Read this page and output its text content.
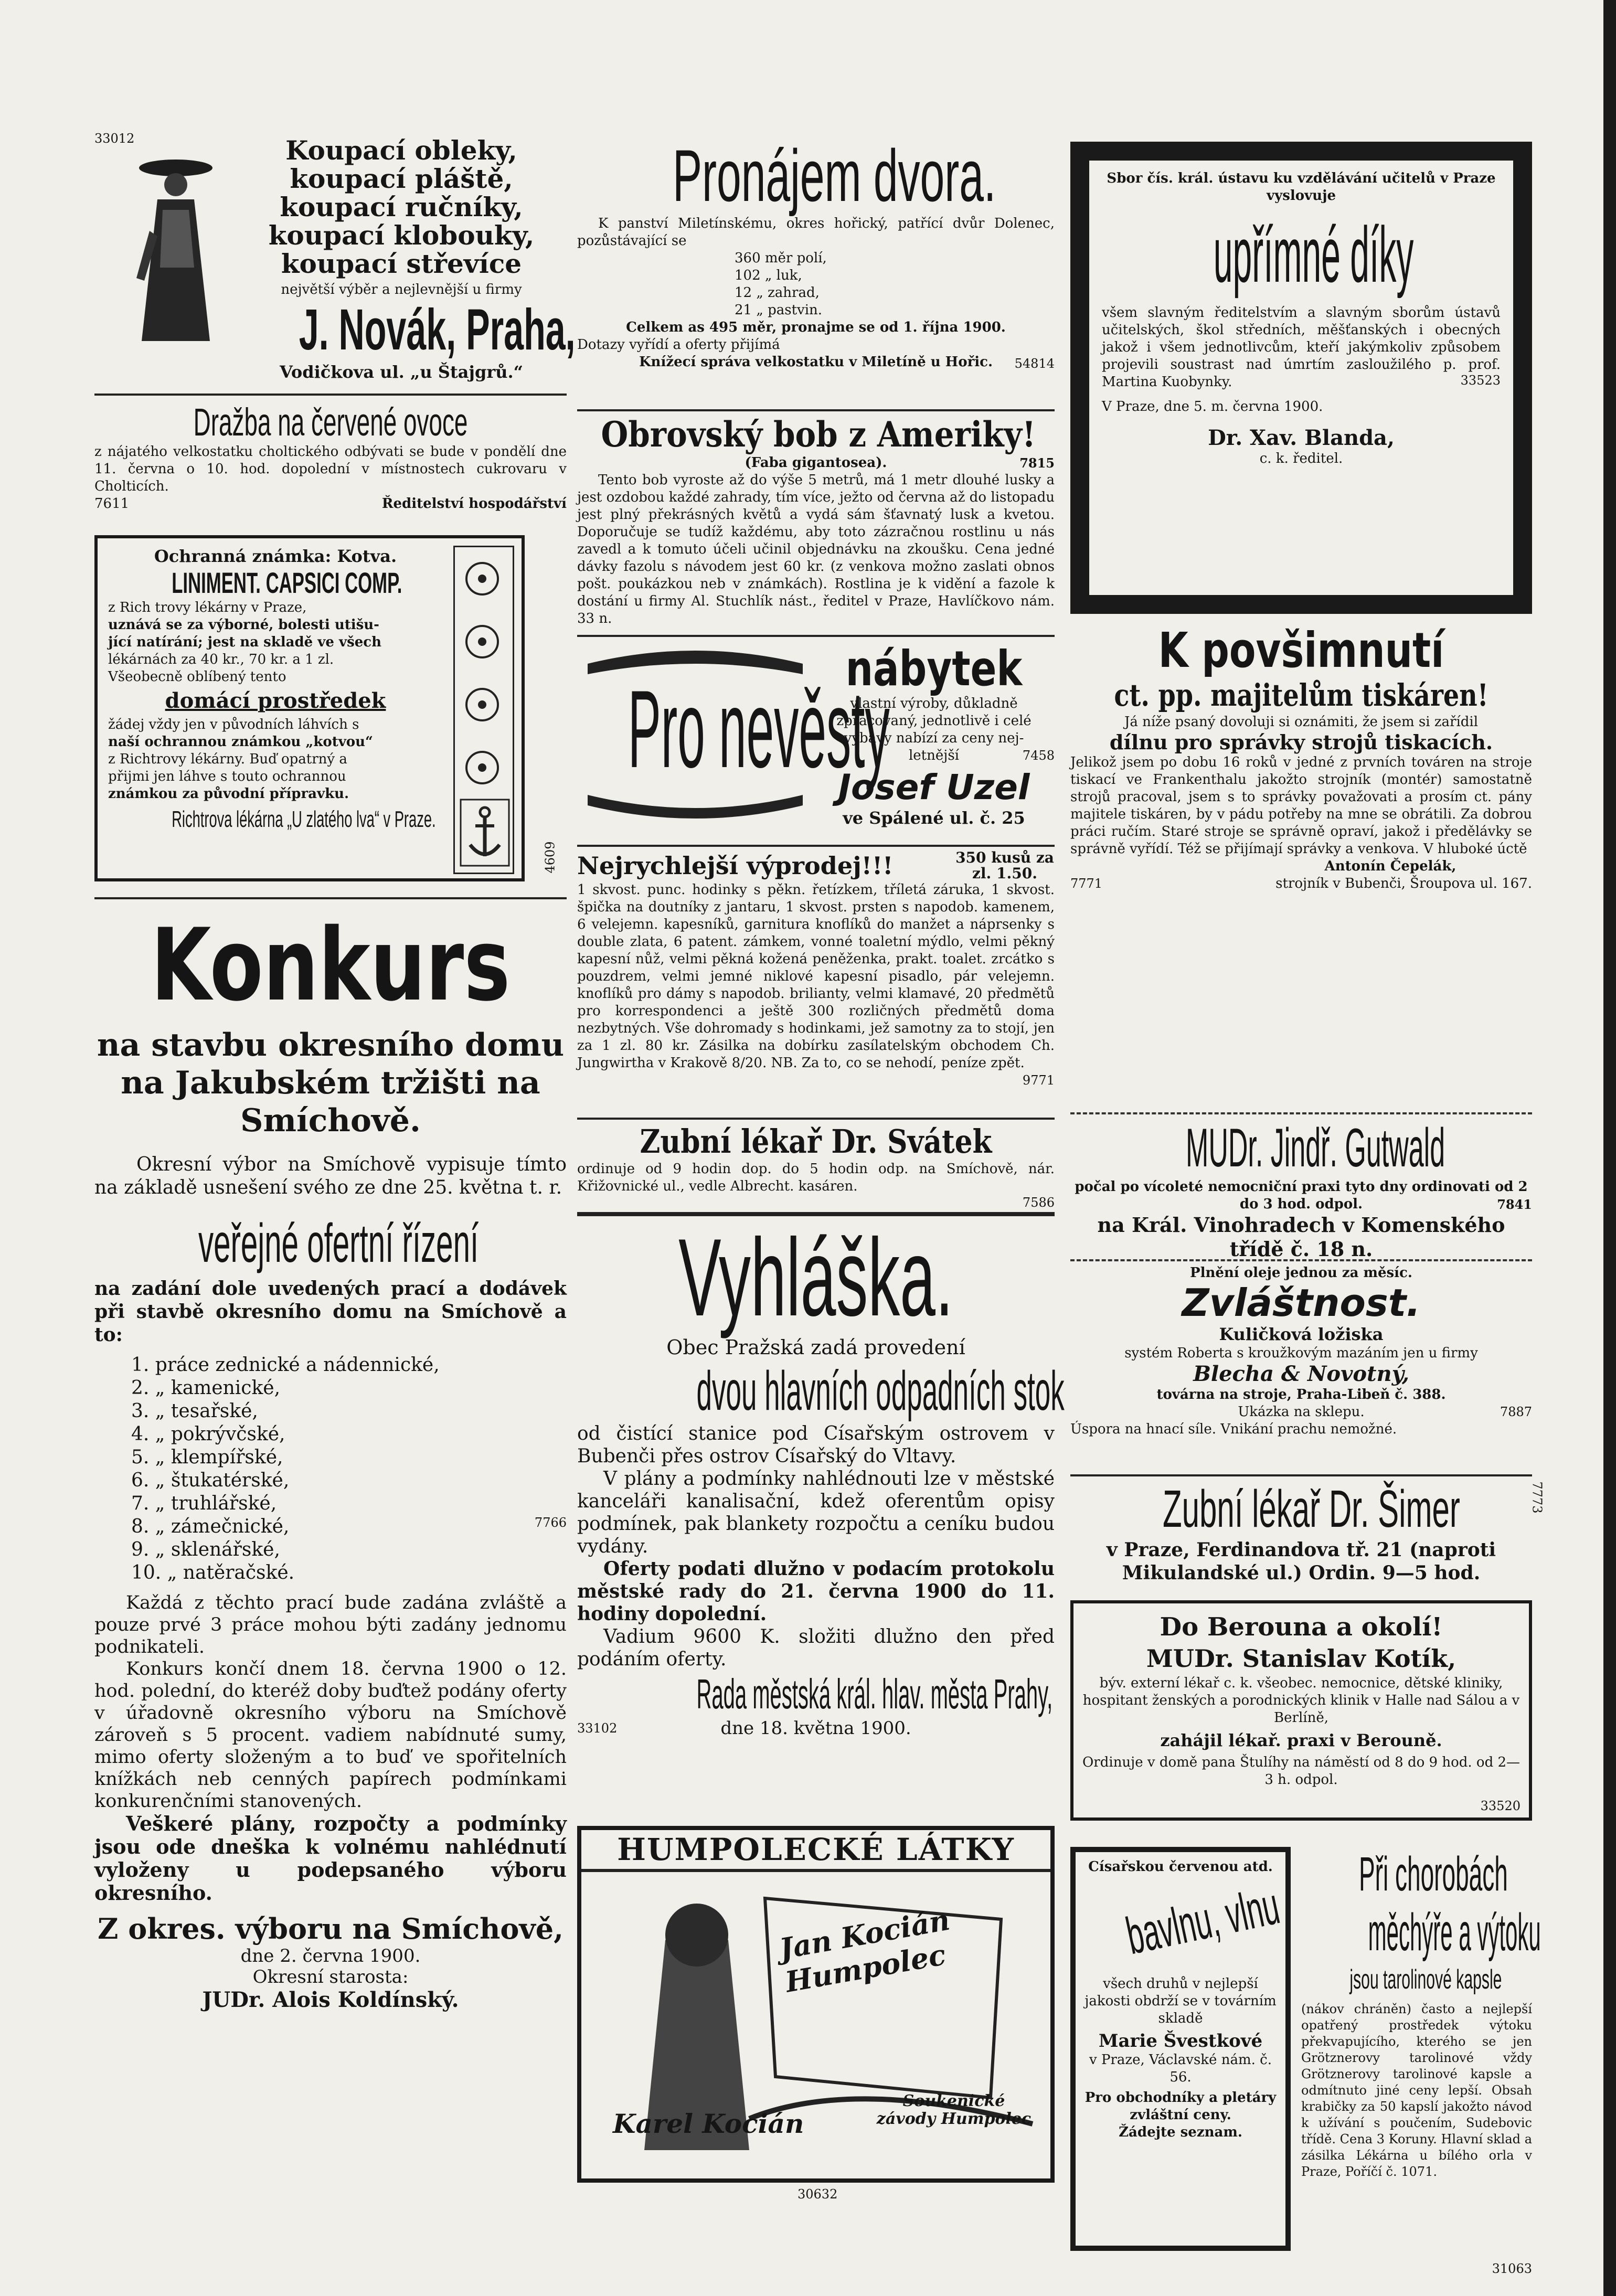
33012	Koupací obleky,

koupací pláště,

koupací ručníky,

koupací klobouky,

koupací střevíce

největší výběr a nejlevnější u firmy

J. Novák, Praha,

Vodičkova ul. „u Štajgrů.“

Dražba na červené ovoce

z nájatého velkostatku choltického odbývati se bude v pondělí dne 11. června o 10. hod. dopolední v místnostech cukrovaru v Cholticích.

7611	Ředitelství hospodářství

Ochranná známka: Kotva.

LINIMENT. CAPSICI COMP.

z Rich trovy lékárny v Praze,

uznává se za výborné, bolesti utišu-

jící natírání; jest na skladě ve všech

lékárnách za 40 kr., 70 kr. a 1 zl.

Všeobecně oblíbený tento

domácí prostředek

žádej vždy jen v původních láhvích s

naší ochrannou známkou „kotvou“

z Richtrovy lékárny. Buď opatrný a

přijmi jen láhve s touto ochrannou

známkou za původní přípravku.

Richtrova lékárna „U zlatého lva“ v Praze.

4609

Konkurs

na stavbu okresního domu na Jakubském tržišti na Smíchově.

Okresní výbor na Smíchově vypisuje tímto na základě usnešení svého ze dne 25. května t. r.

veřejné ofertní řízení

na zadání dole uvedených prací a dodávek při stavbě okresního domu na Smíchově a to:

1. práce zednické a nádennické,
2. „ kamenické,
3. „ tesařské,
4. „ pokrývčské,
5. „ klempířské,
6. „ štukatérské,
7. „ truhlářské,
8. „ zámečnické,
9. „ sklenářské,
10. „ natěračské.
7766

Každá z těchto prací bude zadána zvláště a pouze prvé 3 práce mohou býti zadány jednomu podnikateli.

Konkurs končí dnem 18. června 1900 o 12. hod. polední, do kteréž doby buďtež podány oferty v úřadovně okresního výboru na Smíchově zároveň s 5 procent. vadiem nabídnuté sumy, mimo oferty složeným a to buď ve spořitelních knížkách neb cenných papírech podmínkami konkurenčními stanovených.

Veškeré plány, rozpočty a podmínky jsou ode dneška k volnému nahlédnutí vyloženy u podepsaného výboru okresního.

Z okres. výboru na Smíchově,

dne 2. června 1900.

Okresní starosta:

JUDr. Alois Koldínský.

Pronájem dvora.

K panství Miletínskému, okres hořický, patřící dvůr Dolenec, pozůstávající se

360 měr polí,
102 „ luk,
12 „ zahrad,
21 „ pastvin.

Celkem as 495 měr, pronajme se od 1. října 1900.

Dotazy vyřídí a oferty přijímá

Knížecí správa velkostatku v Miletíně u Hořic.	54814

Obrovský bob z Ameriky!

(Faba gigantosea).	7815

Tento bob vyroste až do výše 5 metrů, má 1 metr dlouhé lusky a jest ozdobou každé zahrady, tím více, ježto od června až do listopadu jest plný překrásných květů a vydá sám šťavnatý lusk a kvetou. Doporučuje se tudíž každému, aby toto zázračnou rostlinu u nás zavedl a k tomuto účeli učinil objednávku na zkoušku. Cena jedné dávky fazolu s návodem jest 60 kr. (z venkova možno zaslati obnos pošt. poukázkou neb v známkách). Rostlina je k vidění a fazole k dostání u firmy Al. Stuchlík nást., ředitel v Praze, Havlíčkovo nám. 33 n.

Pro nevěsty

nábytek

vlastní výroby, důkladně

zpracovaný, jednotlivě i celé

výbavy nabízí za ceny nej-

letnější	7458

Josef Uzel

ve Spálené ul. č. 25

Nejrychlejší výprodej!!!	350 kusů za zl. 1.50.

1 skvost. punc. hodinky s pěkn. řetízkem, tříletá záruka, 1 skvost. špička na doutníky z jantaru, 1 skvost. prsten s napodob. kamenem, 6 velejemn. kapesníků, garnitura knoflíků do manžet a náprsenky s double zlata, 6 patent. zámkem, vonné toaletní mýdlo, velmi pěkný kapesní nůž, velmi pěkná kožená peněženka, prakt. toalet. zrcátko s pouzdrem, velmi jemné niklové kapesní pisadlo, pár velejemn. knoflíků pro dámy s napodob. brilianty, velmi klamavé, 20 předmětů pro korrespondenci a ještě 300 rozličných předmětů doma nezbytných. Vše dohromady s hodinkami, jež samotny za to stojí, jen za 1 zl. 80 kr. Zásilka na dobírku zasílatelským obchodem Ch. Jungwirtha v Krakově 8/20. NB. Za to, co se nehodí, peníze zpět.

9771

Zubní lékař Dr. Svátek

ordinuje od 9 hodin dop. do 5 hodin odp. na Smíchově, nár. Křižovnické ul., vedle Albrecht. kasáren.

7586

Vyhláška.

Obec Pražská zadá provedení

dvou hlavních odpadních stok

od čistící stanice pod Císařským ostrovem v Bubenči přes ostrov Císařský do Vltavy.

V plány a podmínky nahlédnouti lze v městské kanceláři kanalisační, kdež oferentům opisy podmínek, pak blankety rozpočtu a ceníku budou vydány.

Oferty podati dlužno v podacím protokolu městské rady do 21. června 1900 do 11. hodiny dopolední.

Vadium 9600 K. složiti dlužno den před podáním oferty.

Rada městská král. hlav. města Prahy,

33102	dne 18. května 1900.

HUMPOLECKÉ LÁTKY

Jan Kocián Humpolec

Karel Kocián

Soukenické závody Humpolec

30632

Sbor čís. král. ústavu ku vzdělávání učitelů v Praze vyslovuje

upřímné díky

všem slavným ředitelstvím a slavným sborům ústavů učitelských, škol středních, měšťanských i obecných jakož i všem jednotlivcům, kteří jakýmkoliv způsobem projevili soustrast nad úmrtím zasloužilého p. prof. Martina Kuobynky.

V Praze, dne 5. m. června 1900.
33523

Dr. Xav. Blanda,

c. k. ředitel.

K povšimnutí

ct. pp. majitelům tiskáren!

Já níže psaný dovoluji si oznámiti, že jsem si zařídil

dílnu pro správky strojů tiskacích.

Jelikož jsem po dobu 16 roků v jedné z prvních továren na stroje tiskací ve Frankenthalu jakožto strojník (montér) samostatně strojů pracoval, jsem s to správky považovati a prosím ct. pány majitele tiskáren, by v pádu potřeby na mne se obrátili. Za dobrou práci ručím. Staré stroje se správně opraví, jakož i předělávky se správně vyřídí. Též se přijímají správky a venkova. V hluboké úctě

Antonín Čepelák,

7771	strojník v Bubenči, Šroupova ul. 167.

MUDr. Jindř. Gutwald

počal po vícoleté nemocniční praxi tyto dny ordinovati od 2 do 3 hod. odpol.	7841

na Král. Vinohradech v Komenského třídě č. 18 n.

Plnění oleje jednou za měsíc.

Zvláštnost.

Kuličková ložiska

systém Roberta s kroužkovým mazáním jen u firmy

Blecha & Novotný,

továrna na stroje, Praha-Libeň č. 388.

Ukázka na sklepu.	7887

Úspora na hnací síle. Vnikání prachu nemožné.

Zubní lékař Dr. Šimer

v Praze, Ferdinandova tř. 21 (naproti Mikulandské ul.) Ordin. 9—5 hod.

7773

Do Berouna a okolí!

MUDr. Stanislav Kotík,

býv. externí lékař c. k. všeobec. nemocnice, dětské kliniky, hospitant ženských a porodnických klinik v Halle nad Sálou a v Berlíně,

zahájil lékař. praxi v Berouně.

Ordinuje v domě pana Štulíhy na náměstí od 8 do 9 hod. od 2—3 h. odpol.

33520

Císařskou červenou atd.

bavlnu, vlnu

všech druhů v nejlepší jakosti obdrží se v továrním skladě

Marie Švestkové

v Praze, Václavské nám. č. 56.

Pro obchodníky a pletáry zvláštní ceny.

Žádejte seznam.

Při chorobách

měchýře a výtoku

jsou tarolinové kapsle

(nákov chráněn) často a nejlepší opatřený prostředek výtoku překvapujícího, kterého se jen Grötznerovy tarolinové vždy Grötznerovy tarolinové kapsle a odmítnuto jiné ceny lepší. Obsah krabičky za 50 kapslí jakožto návod k užívání s poučením, Sudebovic třídě. Cena 3 Koruny. Hlavní sklad a zásilka Lékárna u bílého orla v Praze, Poříčí č. 1071.

31063
